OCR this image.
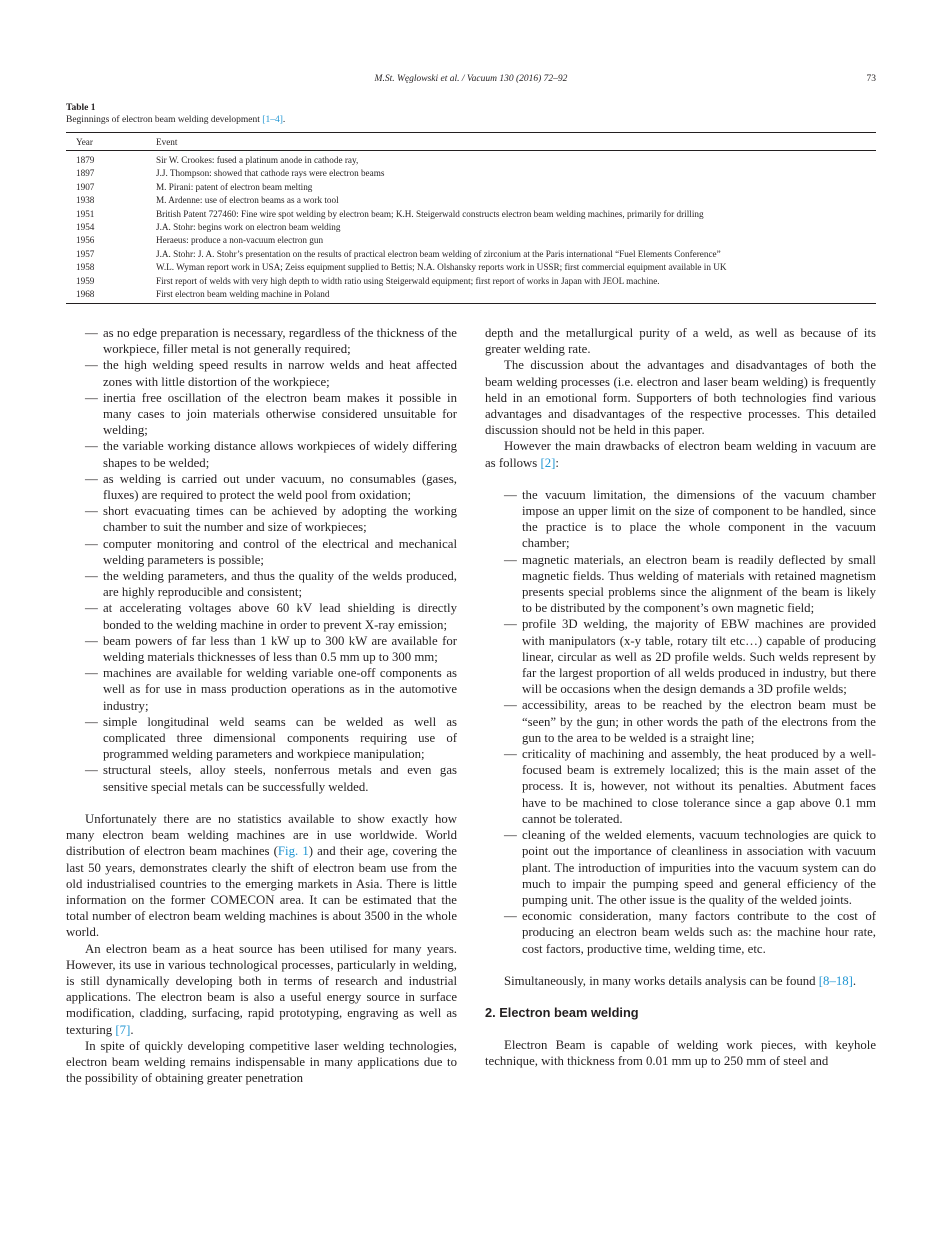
M.St. Węglowski et al. / Vacuum 130 (2016) 72–92	73
Table 1
Beginnings of electron beam welding development [1–4].
Year	Event
1879	Sir W. Crookes: fused a platinum anode in cathode ray,
1897	J.J. Thompson: showed that cathode rays were electron beams
1907	M. Pirani: patent of electron beam melting
1938	M. Ardenne: use of electron beams as a work tool
1951	British Patent 727460: Fine wire spot welding by electron beam; K.H. Steigerwald constructs electron beam welding machines, primarily for drilling
1954	J.A. Stohr: begins work on electron beam welding
1956	Heraeus: produce a non-vacuum electron gun
1957	J.A. Stohr: J. A. Stohr’s presentation on the results of practical electron beam welding of zirconium at the Paris international “Fuel Elements Conference”
1958	W.L. Wyman report work in USA; Zeiss equipment supplied to Bettis; N.A. Olshansky reports work in USSR; first commercial equipment available in UK
1959	First report of welds with very high depth to width ratio using Steigerwald equipment; first report of works in Japan with JEOL machine.
1968	First electron beam welding machine in Poland
— as no edge preparation is necessary, regardless of the thickness of the workpiece, filler metal is not generally required;
— the high welding speed results in narrow welds and heat affected zones with little distortion of the workpiece;
— inertia free oscillation of the electron beam makes it possible in many cases to join materials otherwise considered unsuitable for welding;
— the variable working distance allows workpieces of widely differing shapes to be welded;
— as welding is carried out under vacuum, no consumables (gases, fluxes) are required to protect the weld pool from oxidation;
— short evacuating times can be achieved by adopting the working chamber to suit the number and size of workpieces;
— computer monitoring and control of the electrical and mechanical welding parameters is possible;
— the welding parameters, and thus the quality of the welds produced, are highly reproducible and consistent;
— at accelerating voltages above 60 kV lead shielding is directly bonded to the welding machine in order to prevent X-ray emission;
— beam powers of far less than 1 kW up to 300 kW are available for welding materials thicknesses of less than 0.5 mm up to 300 mm;
— machines are available for welding variable one-off components as well as for use in mass production operations as in the automotive industry;
— simple longitudinal weld seams can be welded as well as complicated three dimensional components requiring use of programmed welding parameters and workpiece manipulation;
— structural steels, alloy steels, nonferrous metals and even gas sensitive special metals can be successfully welded.

Unfortunately there are no statistics available to show exactly how many electron beam welding machines are in use worldwide. World distribution of electron beam machines (Fig. 1) and their age, covering the last 50 years, demonstrates clearly the shift of electron beam use from the old industrialised countries to the emerging markets in Asia. There is little information on the former COMECON area. It can be estimated that the total number of electron beam welding machines is about 3500 in the whole world.

An electron beam as a heat source has been utilised for many years. However, its use in various technological processes, particularly in welding, is still dynamically developing both in terms of research and industrial applications. The electron beam is also a useful energy source in surface modification, cladding, surfacing, rapid prototyping, engraving as well as texturing [7].

In spite of quickly developing competitive laser welding technologies, electron beam welding remains indispensable in many applications due to the possibility of obtaining greater penetration

depth and the metallurgical purity of a weld, as well as because of its greater welding rate.

The discussion about the advantages and disadvantages of both the beam welding processes (i.e. electron and laser beam welding) is frequently held in an emotional form. Supporters of both technologies find various advantages and disadvantages of the respective processes. This detailed discussion should not be held in this paper.

However the main drawbacks of electron beam welding in vacuum are as follows [2]:

— the vacuum limitation, the dimensions of the vacuum chamber impose an upper limit on the size of component to be handled, since the practice is to place the whole component in the vacuum chamber;
— magnetic materials, an electron beam is readily deflected by small magnetic fields. Thus welding of materials with retained magnetism presents special problems since the alignment of the beam is likely to be distributed by the component’s own magnetic field;
— profile 3D welding, the majority of EBW machines are provided with manipulators (x-y table, rotary tilt etc…) capable of producing linear, circular as well as 2D profile welds. Such welds represent by far the largest proportion of all welds produced in industry, but there will be occasions when the design demands a 3D profile welds;
— accessibility, areas to be reached by the electron beam must be “seen” by the gun; in other words the path of the electrons from the gun to the area to be welded is a straight line;
— criticality of machining and assembly, the heat produced by a well-focused beam is extremely localized; this is the main asset of the process. It is, however, not without its penalties. Abutment faces have to be machined to close tolerance since a gap above 0.1 mm cannot be tolerated.
— cleaning of the welded elements, vacuum technologies are quick to point out the importance of cleanliness in association with vacuum plant. The introduction of impurities into the vacuum system can do much to impair the pumping speed and general efficiency of the pumping unit. The other issue is the quality of the welded joints.
— economic consideration, many factors contribute to the cost of producing an electron beam welds such as: the machine hour rate, cost factors, productive time, welding time, etc.

Simultaneously, in many works details analysis can be found [8–18].

2. Electron beam welding

Electron Beam is capable of welding work pieces, with keyhole technique, with thickness from 0.01 mm up to 250 mm of steel and
